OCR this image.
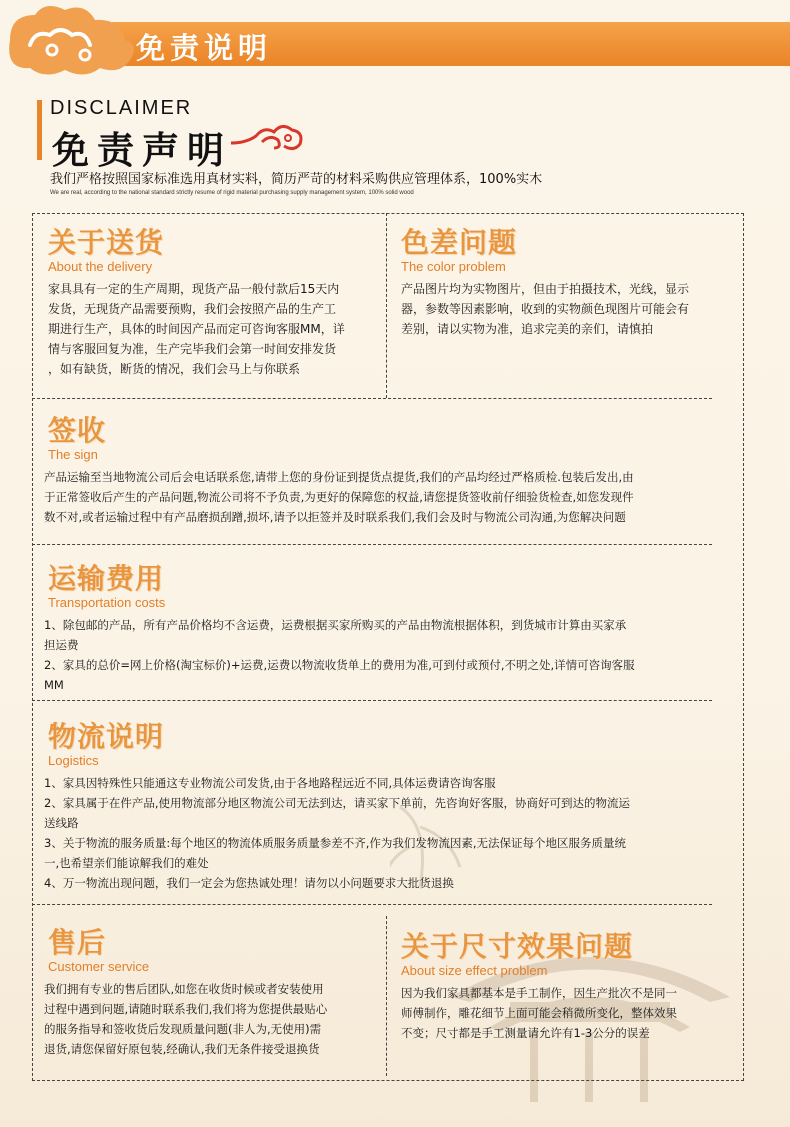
免责说明
DISCLAIMER
免责声明
我们严格按照国家标准选用真材实料，简历严苛的材料采购供应管理体系，100%实木
We are real, according to the national standard strictly resume of rigid material purchasing supply management system, 100% solid wood
关于送货
About the delivery

家具具有一定的生产周期，现货产品一般付款后15天内

发货，无现货产品需要预购，我们会按照产品的生产工

期进行生产，具体的时间因产品而定可咨询客服MM，详

情与客服回复为准，生产完毕我们会第一时间安排发货

，如有缺货，断货的情况，我们会马上与你联系

色差问题
The color problem

产品图片均为实物图片，但由于拍摄技术，光线，显示

器，参数等因素影响，收到的实物颜色现图片可能会有

差别，请以实物为准，追求完美的亲们，请慎拍

签收
The sign

产品运输至当地物流公司后会电话联系您,请带上您的身份证到提货点提货,我们的产品均经过严格质检.包装后发出,由

于正常签收后产生的产品问题,物流公司将不予负责,为更好的保障您的权益,请您提货签收前仔细验货检查,如您发现件

数不对,或者运输过程中有产品磨损刮蹭,损坏,请予以拒签并及时联系我们,我们会及时与物流公司沟通,为您解决问题

运输费用
Transportation costs

1、除包邮的产品，所有产品价格均不含运费，运费根据买家所购买的产品由物流根据体积，到货城市计算由买家承

担运费

2、家具的总价=网上价格(淘宝标价)+运费,运费以物流收货单上的费用为准,可到付或预付,不明之处,详情可咨询客服

MM

物流说明
Logistics

1、家具因特殊性只能通这专业物流公司发货,由于各地路程远近不同,具体运费请咨询客服

2、家具属于在件产品,使用物流部分地区物流公司无法到达，请买家下单前，先咨询好客服，协商好可到达的物流运

送线路

3、关于物流的服务质量:每个地区的物流体质服务质量参差不齐,作为我们发物流因素,无法保证每个地区服务质量统

一,也希望亲们能谅解我们的难处

4、万一物流出现问题，我们一定会为您热诚处理！请勿以小问题要求大批货退换

售后
Customer service

我们拥有专业的售后团队,如您在收货时候或者安装使用

过程中遇到问题,请随时联系我们,我们将为您提供最贴心

的服务指导和签收货后发现质量问题(非人为,无使用)需

退货,请您保留好原包装,经确认,我们无条件接受退换货

关于尺寸效果问题
About size effect problem

因为我们家具都基本是手工制作，因生产批次不是同一

师傅制作，雕花细节上面可能会稍微所变化，整体效果

不变；尺寸都是手工测量请允许有1-3公分的误差
